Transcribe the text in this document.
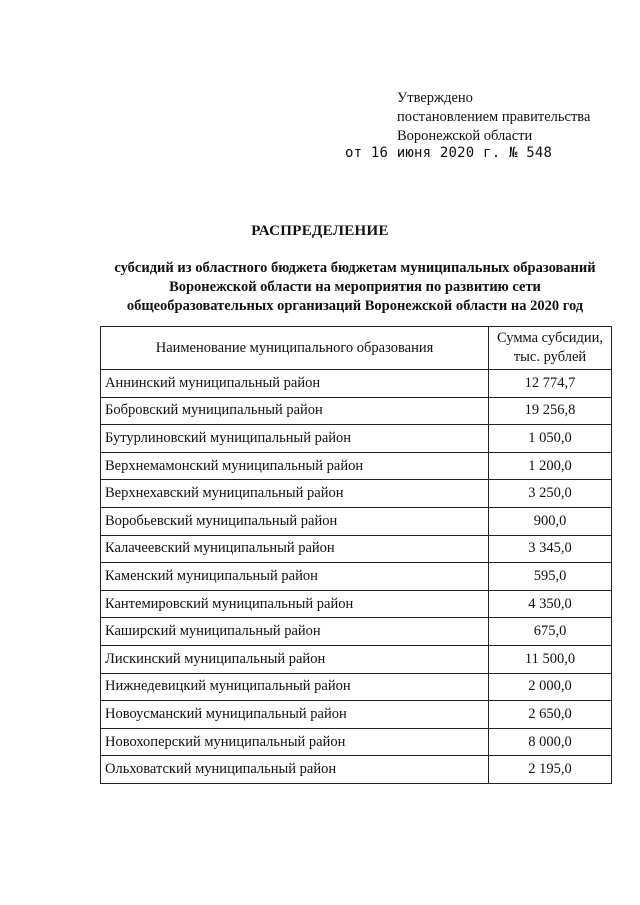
Утверждено
постановлением правительства
Воронежской области
от 16 июня 2020 г. № 548
РАСПРЕДЕЛЕНИЕ
субсидий из областного бюджета бюджетам муниципальных образований
Воронежской области на мероприятия по развитию сети
общеобразовательных организаций Воронежской области на 2020 год
Наименование муниципального образования	Сумма субсидии,
тыс. рублей
Аннинский муниципальный район	12 774,7
Бобровский муниципальный район	19 256,8
Бутурлиновский муниципальный район	1 050,0
Верхнемамонский муниципальный район	1 200,0
Верхнехавский муниципальный район	3 250,0
Воробьевский муниципальный район	900,0
Калачеевский муниципальный район	3 345,0
Каменский муниципальный район	595,0
Кантемировский муниципальный район	4 350,0
Каширский муниципальный район	675,0
Лискинский муниципальный район	11 500,0
Нижнедевицкий муниципальный район	2 000,0
Новоусманский муниципальный район	2 650,0
Новохоперский муниципальный район	8 000,0
Ольховатский муниципальный район	2 195,0
